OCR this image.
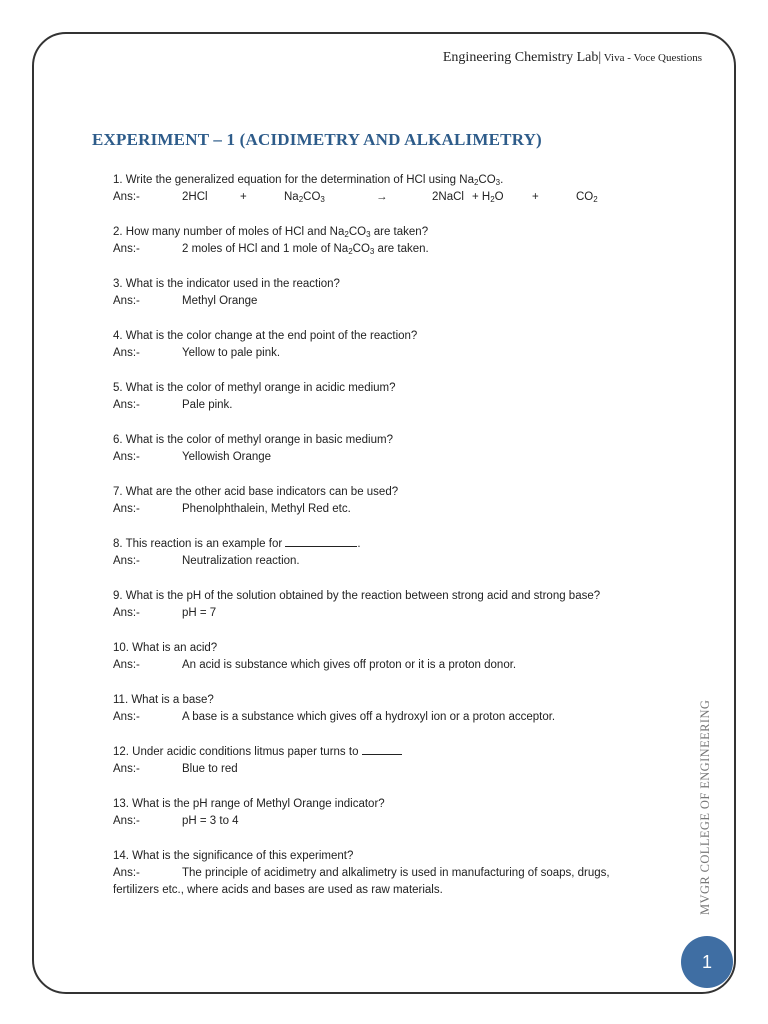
Engineering Chemistry Lab| Viva - Voce Questions
EXPERIMENT – 1 (ACIDIMETRY AND ALKALIMETRY)
1. Write the generalized equation for the determination of HCl using $Na_2CO_3$.
Ans:-	2HCl	+	$Na_2CO_3$	→	2NaCl + $H_2O$	+	$CO_2$
2. How many number of moles of HCl and $Na_2CO_3$ are taken?
Ans:-	2 moles of HCl and 1 mole of $Na_2CO_3$ are taken.
3. What is the indicator used in the reaction?
Ans:-	Methyl Orange
4. What is the color change at the end point of the reaction?
Ans:-	Yellow to pale pink.
5. What is the color of methyl orange in acidic medium?
Ans:-	Pale pink.
6. What is the color of methyl orange in basic medium?
Ans:-	Yellowish Orange
7. What are the other acid base indicators can be used?
Ans:-	Phenolphthalein, Methyl Red etc.
8. This reaction is an example for	.
Ans:-	Neutralization reaction.
9. What is the pH of the solution obtained by the reaction between strong acid and strong base?
Ans:-	pH = 7
10. What is an acid?
Ans:-	An acid is substance which gives off proton or it is a proton donor.
11. What is a base?
Ans:-	A base is a substance which gives off a hydroxyl ion or a proton acceptor.
12. Under acidic conditions litmus paper turns to
Ans:-	Blue to red
13. What is the pH range of Methyl Orange indicator?
Ans:-	pH = 3 to 4
14. What is the significance of this experiment?
Ans:-	The principle of acidimetry and alkalimetry is used in manufacturing of soaps, drugs,
fertilizers etc., where acids and bases are used as raw materials.	MVGR COLLEGE OF ENGINEERING
1
